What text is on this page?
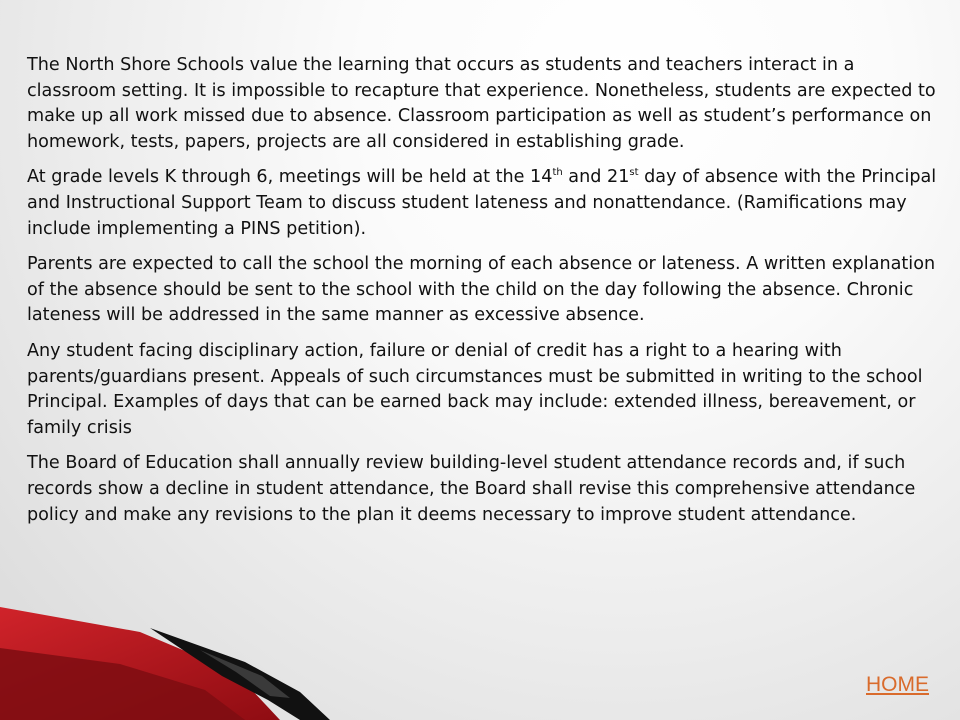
The North Shore Schools value the learning that occurs as students and teachers interact in a classroom setting. It is impossible to recapture that experience. Nonetheless, students are expected to make up all work missed due to absence. Classroom participation as well as student’s performance on homework, tests, papers, projects are all considered in establishing grade.

At grade levels K through 6, meetings will be held at the 14th and 21st day of absence with the Principal and Instructional Support Team to discuss student lateness and nonattendance. (Ramifications may include implementing a PINS petition).

Parents are expected to call the school the morning of each absence or lateness. A written explanation of the absence should be sent to the school with the child on the day following the absence. Chronic lateness will be addressed in the same manner as excessive absence.

Any student facing disciplinary action, failure or denial of credit has a right to a hearing with parents/guardians present. Appeals of such circumstances must be submitted in writing to the school Principal. Examples of days that can be earned back may include: extended illness, bereavement, or family crisis

The Board of Education shall annually review building-level student attendance records and, if such records show a decline in student attendance, the Board shall revise this comprehensive attendance policy and make any revisions to the plan it deems necessary to improve student attendance.

HOME
